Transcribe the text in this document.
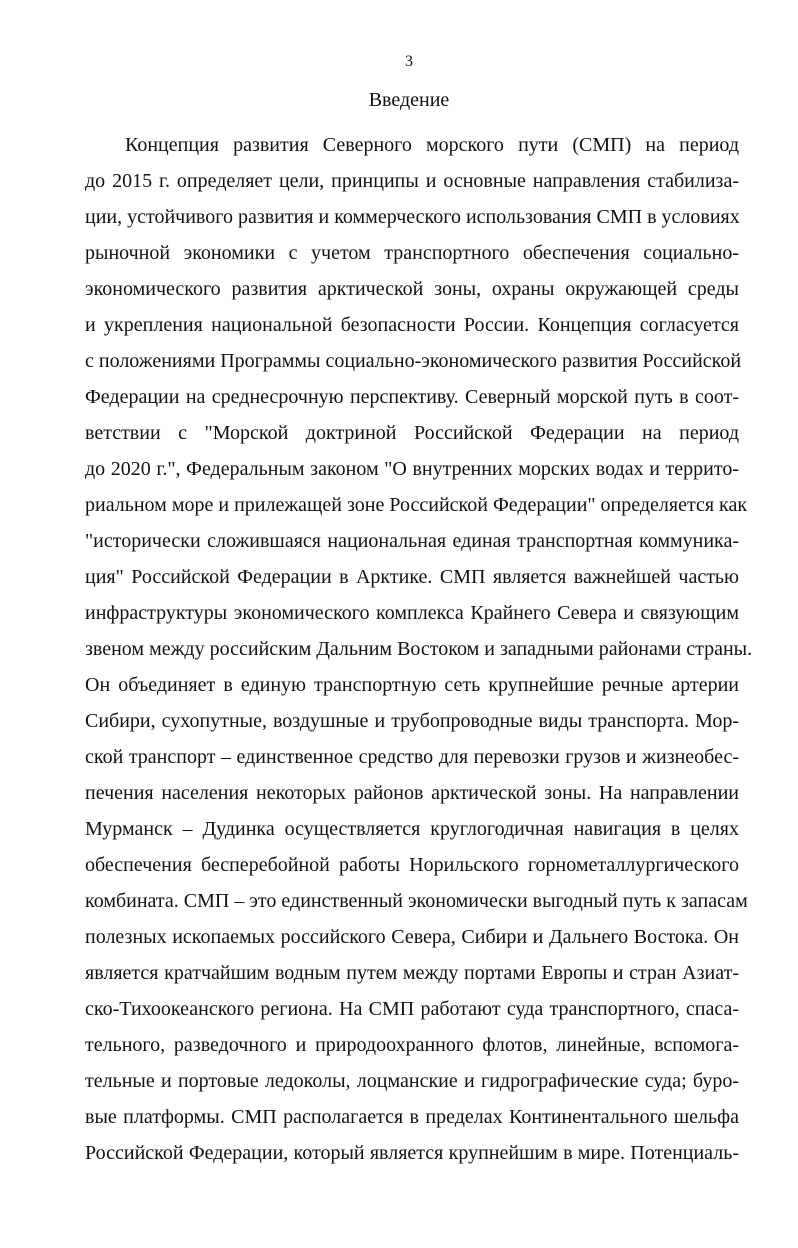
3
Введение
Концепция развития Северного морского пути (СМП) на период
до 2015 г. определяет цели, принципы и основные направления стабилиза-
ции, устойчивого развития и коммерческого использования СМП в условиях
рыночной экономики с учетом транспортного обеспечения социально-
экономического развития арктической зоны, охраны окружающей среды
и укрепления национальной безопасности России. Концепция согласуется
с положениями Программы социально-экономического развития Российской
Федерации на среднесрочную перспективу. Северный морской путь в соот-
ветствии с "Морской доктриной Российской Федерации на период
до 2020 г.", Федеральным законом "О внутренних морских водах и террито-
риальном море и прилежащей зоне Российской Федерации" определяется как
"исторически сложившаяся национальная единая транспортная коммуника-
ция" Российской Федерации в Арктике. СМП является важнейшей частью
инфраструктуры экономического комплекса Крайнего Севера и связующим
звеном между российским Дальним Востоком и западными районами страны.
Он объединяет в единую транспортную сеть крупнейшие речные артерии
Сибири, сухопутные, воздушные и трубопроводные виды транспорта. Мор-
ской транспорт – единственное средство для перевозки грузов и жизнеобес-
печения населения некоторых районов арктической зоны. На направлении
Мурманск – Дудинка осуществляется круглогодичная навигация в целях
обеспечения бесперебойной работы Норильского горнометаллургического
комбината. СМП – это единственный экономически выгодный путь к запасам
полезных ископаемых российского Севера, Сибири и Дальнего Востока. Он
является кратчайшим водным путем между портами Европы и стран Азиат-
ско-Тихоокеанского региона. На СМП работают суда транспортного, спаса-
тельного, разведочного и природоохранного флотов, линейные, вспомога-
тельные и портовые ледоколы, лоцманские и гидрографические суда; буро-
вые платформы. СМП располагается в пределах Континентального шельфа
Российской Федерации, который является крупнейшим в мире. Потенциаль-
